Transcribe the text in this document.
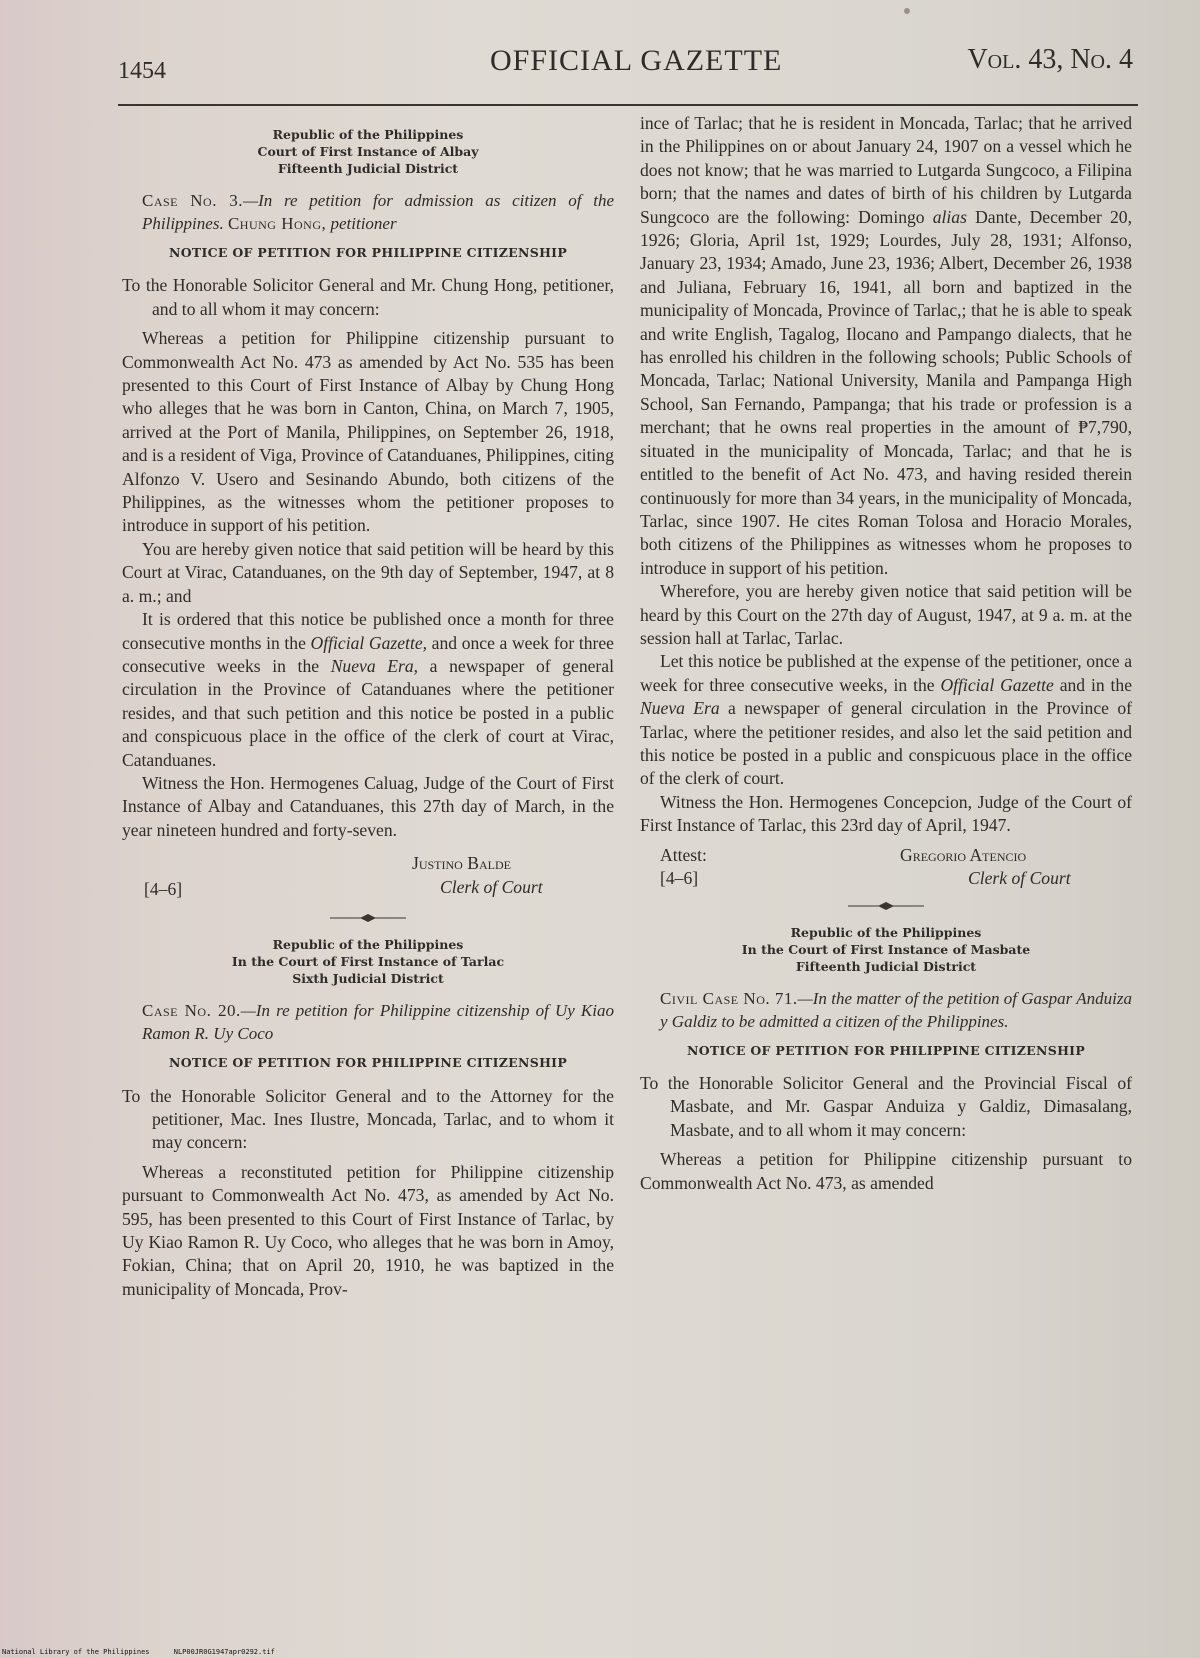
1454	OFFICIAL GAZETTE	Vol. 43, No. 4
Republic of the Philippines
Court of First Instance of Albay
Fifteenth Judicial District

Case No. 3.—In re petition for admission as citizen of the Philippines. Chung Hong, petitioner

NOTICE OF PETITION FOR PHILIPPINE CITIZENSHIP

To the Honorable Solicitor General and Mr. Chung Hong, petitioner, and to all whom it may concern:

Whereas a petition for Philippine citizenship pursuant to Commonwealth Act No. 473 as amended by Act No. 535 has been presented to this Court of First Instance of Albay by Chung Hong who alleges that he was born in Canton, China, on March 7, 1905, arrived at the Port of Manila, Philippines, on September 26, 1918, and is a resident of Viga, Province of Catanduanes, Philippines, citing Alfonzo V. Usero and Sesinando Abundo, both citizens of the Philippines, as the witnesses whom the petitioner proposes to introduce in support of his petition.

You are hereby given notice that said petition will be heard by this Court at Virac, Catanduanes, on the 9th day of September, 1947, at 8 a. m.; and

It is ordered that this notice be published once a month for three consecutive months in the Official Gazette, and once a week for three consecutive weeks in the Nueva Era, a newspaper of general circulation in the Province of Catanduanes where the petitioner resides, and that such petition and this notice be posted in a public and conspicuous place in the office of the clerk of court at Virac, Catanduanes.

Witness the Hon. Hermogenes Caluag, Judge of the Court of First Instance of Albay and Catanduanes, this 27th day of March, in the year nineteen hundred and forty-seven.

Justino Balde
Clerk of Court
[4–6]
Republic of the Philippines
In the Court of First Instance of Tarlac
Sixth Judicial District

Case No. 20.—In re petition for Philippine citizenship of Uy Kiao Ramon R. Uy Coco

NOTICE OF PETITION FOR PHILIPPINE CITIZENSHIP

To the Honorable Solicitor General and to the Attorney for the petitioner, Mac. Ines Ilustre, Moncada, Tarlac, and to whom it may concern:

Whereas a reconstituted petition for Philippine citizenship pursuant to Commonwealth Act No. 473, as amended by Act No. 595, has been presented to this Court of First Instance of Tarlac, by Uy Kiao Ramon R. Uy Coco, who alleges that he was born in Amoy, Fokian, China; that on April 20, 1910, he was baptized in the municipality of Moncada, Prov-

ince of Tarlac; that he is resident in Moncada, Tarlac; that he arrived in the Philippines on or about January 24, 1907 on a vessel which he does not know; that he was married to Lutgarda Sungcoco, a Filipina born; that the names and dates of birth of his children by Lutgarda Sungcoco are the following: Domingo alias Dante, December 20, 1926; Gloria, April 1st, 1929; Lourdes, July 28, 1931; Alfonso, January 23, 1934; Amado, June 23, 1936; Albert, December 26, 1938 and Juliana, February 16, 1941, all born and baptized in the municipality of Moncada, Province of Tarlac,; that he is able to speak and write English, Tagalog, Ilocano and Pampango dialects, that he has enrolled his children in the following schools; Public Schools of Moncada, Tarlac; National University, Manila and Pampanga High School, San Fernando, Pampanga; that his trade or profession is a merchant; that he owns real properties in the amount of ₱7,790, situated in the municipality of Moncada, Tarlac; and that he is entitled to the benefit of Act No. 473, and having resided therein continuously for more than 34 years, in the municipality of Moncada, Tarlac, since 1907. He cites Roman Tolosa and Horacio Morales, both citizens of the Philippines as witnesses whom he proposes to introduce in support of his petition.

Wherefore, you are hereby given notice that said petition will be heard by this Court on the 27th day of August, 1947, at 9 a. m. at the session hall at Tarlac, Tarlac.

Let this notice be published at the expense of the petitioner, once a week for three consecutive weeks, in the Official Gazette and in the Nueva Era a newspaper of general circulation in the Province of Tarlac, where the petitioner resides, and also let the said petition and this notice be posted in a public and conspicuous place in the office of the clerk of court.

Witness the Hon. Hermogenes Concepcion, Judge of the Court of First Instance of Tarlac, this 23rd day of April, 1947.

Attest:
[4–6]
Gregorio Atencio
Clerk of Court
Republic of the Philippines
In the Court of First Instance of Masbate
Fifteenth Judicial District

Civil Case No. 71.—In the matter of the petition of Gaspar Anduiza y Galdiz to be admitted a citizen of the Philippines.

NOTICE OF PETITION FOR PHILIPPINE CITIZENSHIP

To the Honorable Solicitor General and the Provincial Fiscal of Masbate, and Mr. Gaspar Anduiza y Galdiz, Dimasalang, Masbate, and to all whom it may concern:

Whereas a petition for Philippine citizenship pursuant to Commonwealth Act No. 473, as amended

National Library of the Philippines	NLP00JR0G1947apr0292.tif
